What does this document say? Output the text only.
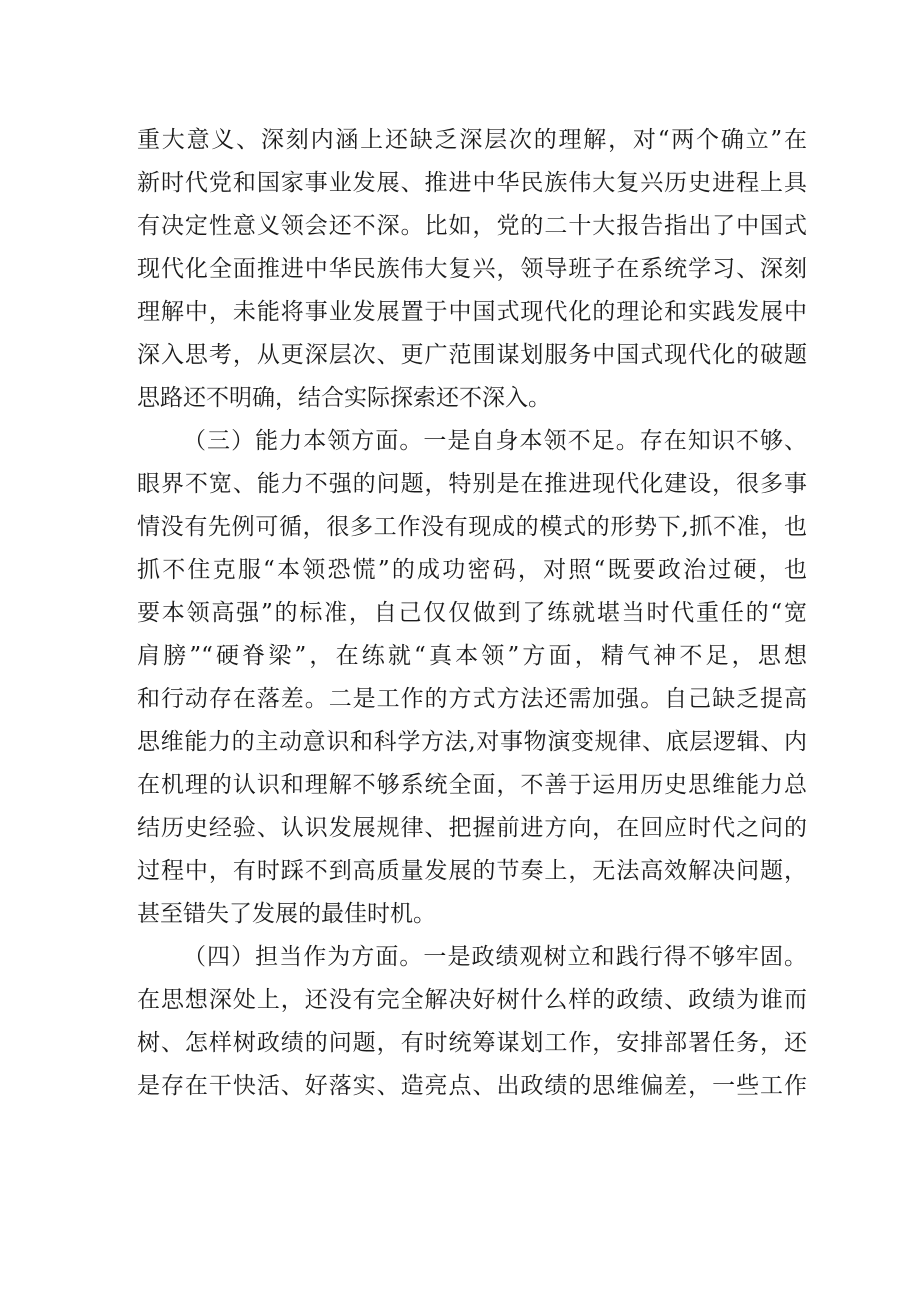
重大意义、深刻内涵上还缺乏深层次的理解，对“两个确立”在
新时代党和国家事业发展、推进中华民族伟大复兴历史进程上具
有决定性意义领会还不深。比如，党的二十大报告指出了中国式
现代化全面推进中华民族伟大复兴，领导班子在系统学习、深刻
理解中，未能将事业发展置于中国式现代化的理论和实践发展中
深入思考，从更深层次、更广范围谋划服务中国式现代化的破题
思路还不明确，结合实际探索还不深入。
（三）能力本领方面。一是自身本领不足。存在知识不够、
眼界不宽、能力不强的问题，特别是在推进现代化建设，很多事
情没有先例可循，很多工作没有现成的模式的形势下,抓不准，也
抓不住克服“本领恐慌”的成功密码，对照“既要政治过硬，也
要本领高强”的标准，自己仅仅做到了练就堪当时代重任的“宽
肩膀”“硬脊梁”，在练就“真本领”方面，精气神不足，思想
和行动存在落差。二是工作的方式方法还需加强。自己缺乏提高
思维能力的主动意识和科学方法,对事物演变规律、底层逻辑、内
在机理的认识和理解不够系统全面，不善于运用历史思维能力总
结历史经验、认识发展规律、把握前进方向，在回应时代之问的
过程中，有时踩不到高质量发展的节奏上，无法高效解决问题，
甚至错失了发展的最佳时机。
（四）担当作为方面。一是政绩观树立和践行得不够牢固。
在思想深处上，还没有完全解决好树什么样的政绩、政绩为谁而
树、怎样树政绩的问题，有时统筹谋划工作，安排部署任务，还
是存在干快活、好落实、造亮点、出政绩的思维偏差，一些工作
